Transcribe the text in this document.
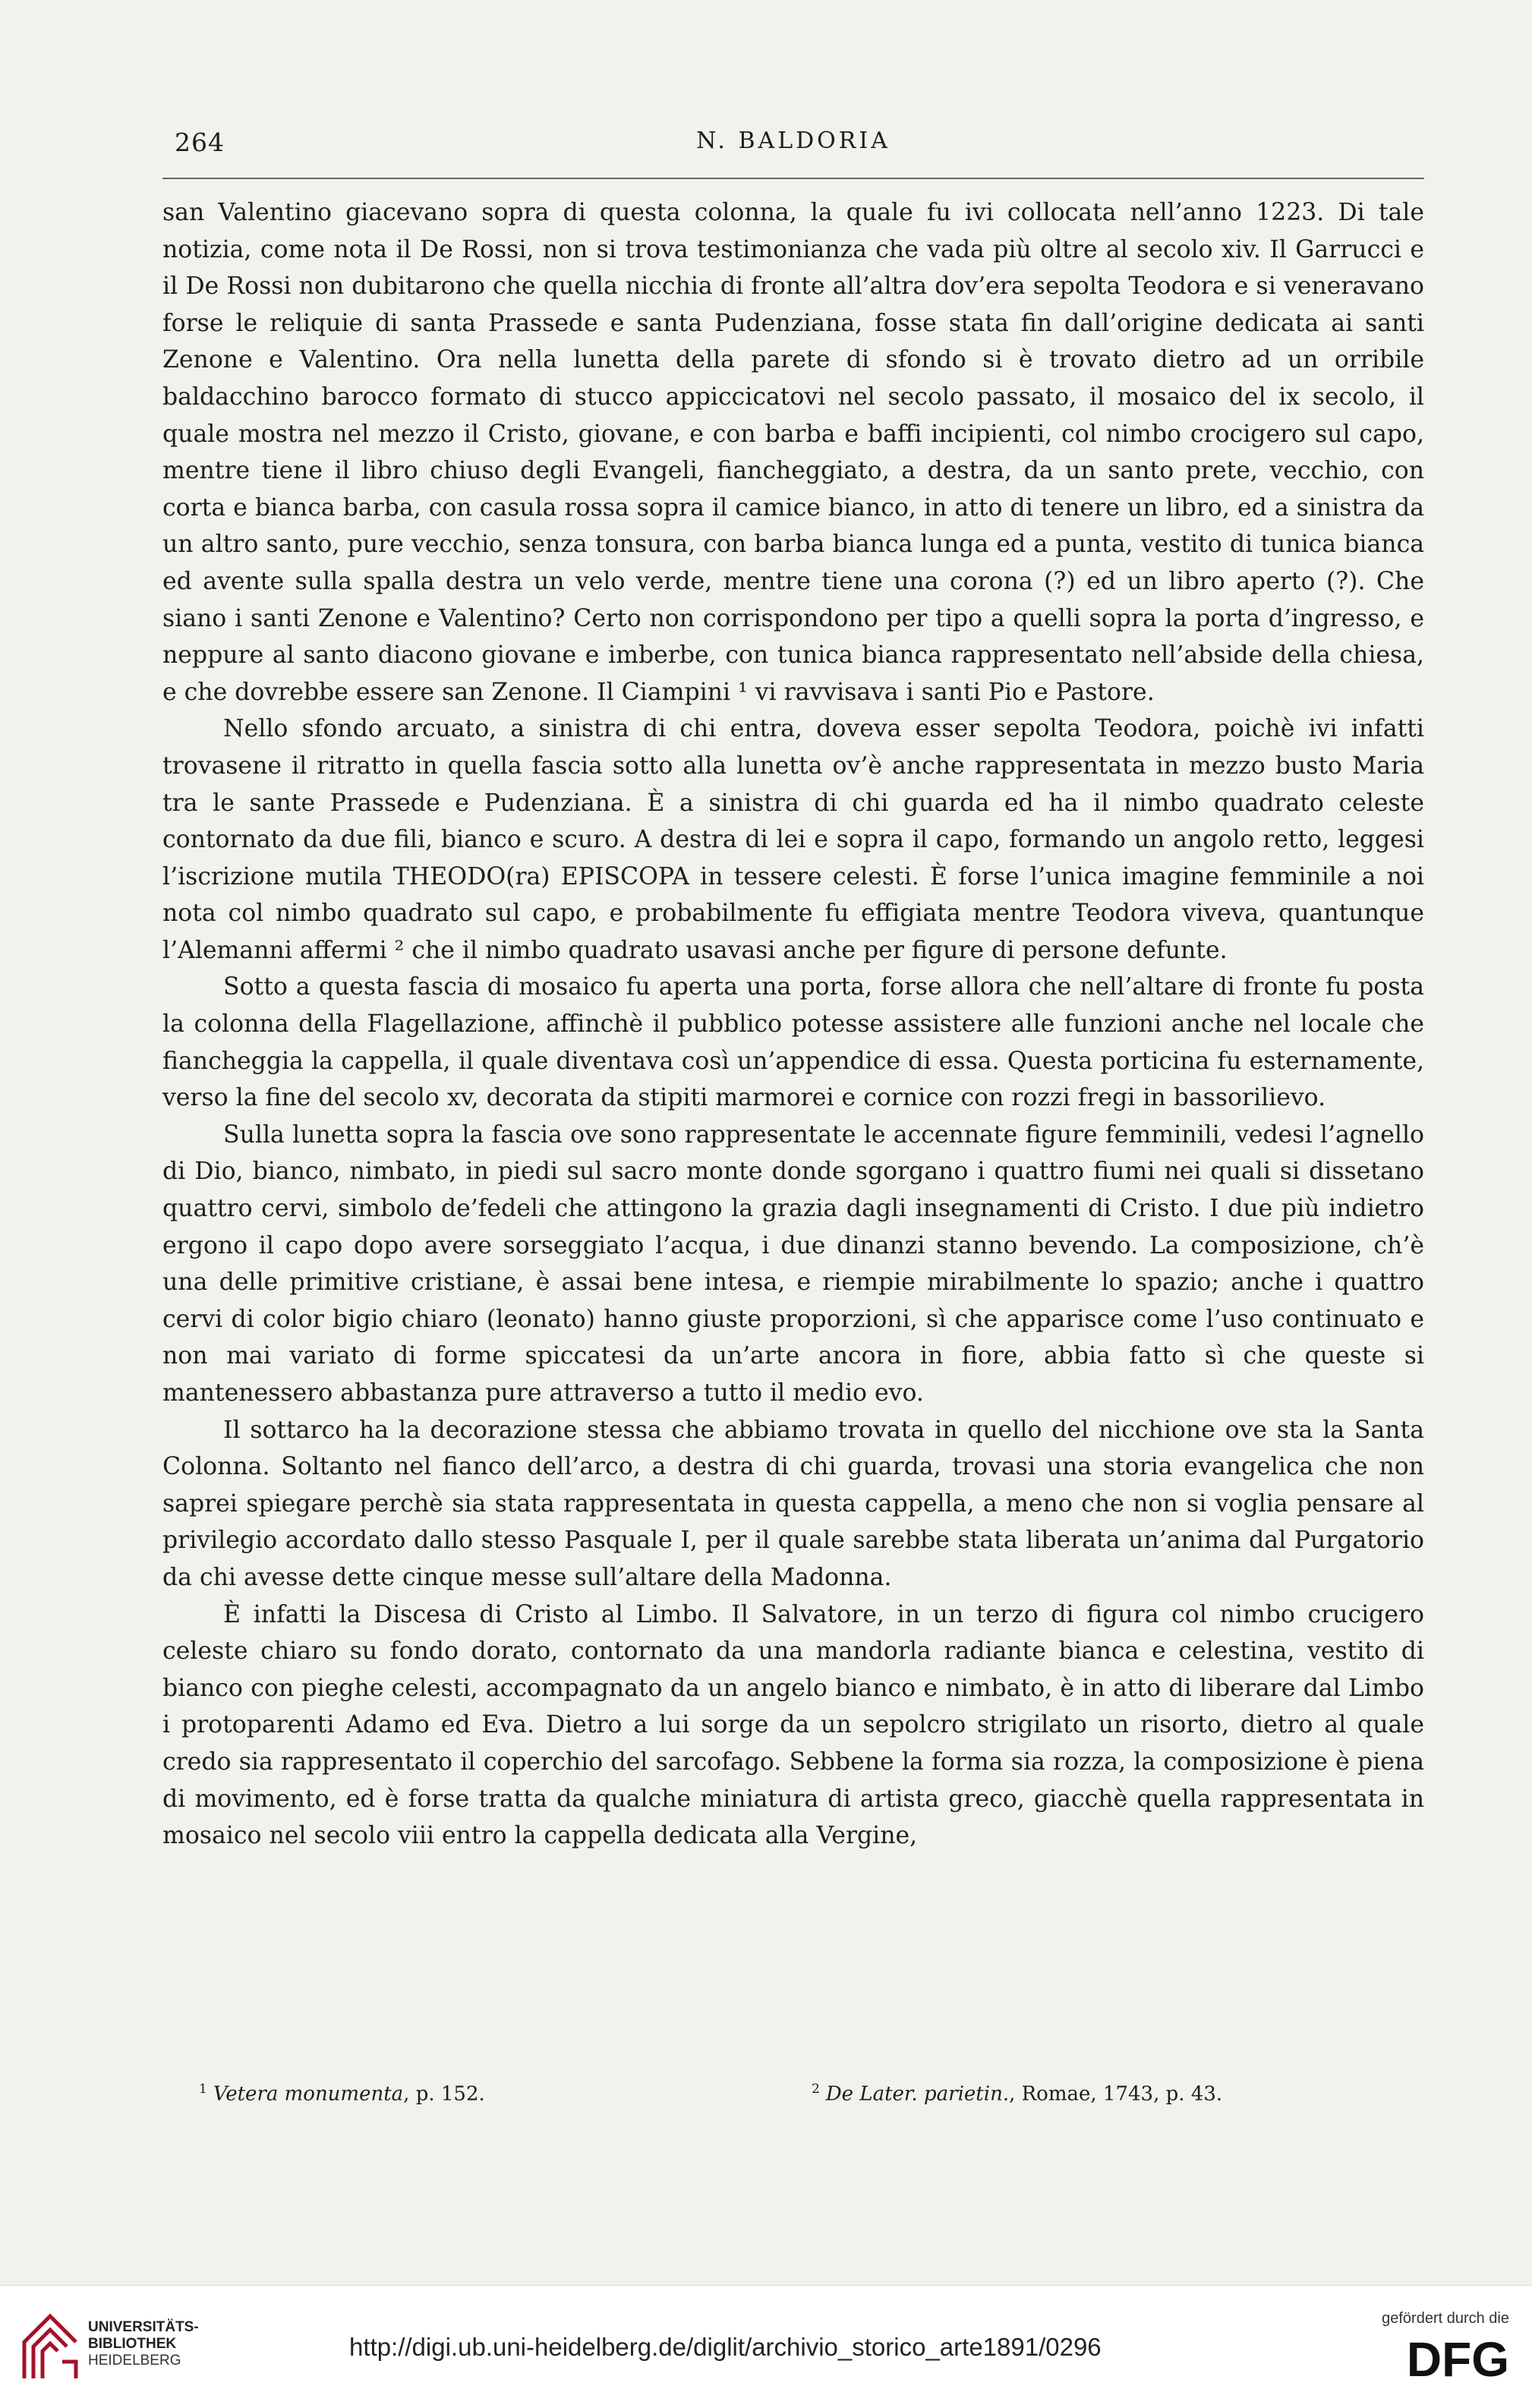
264	N. BALDORIA

san Valentino giacevano sopra di questa colonna, la quale fu ivi collocata nell’anno 1223. Di tale notizia, come nota il De Rossi, non si trova testimonianza che vada più oltre al secolo xiv. Il Garrucci e il De Rossi non dubitarono che quella nicchia di fronte all’altra dov’era sepolta Teodora e si veneravano forse le reliquie di santa Prassede e santa Pudenziana, fosse stata fin dall’origine dedicata ai santi Zenone e Valentino. Ora nella lunetta della parete di sfondo si è trovato dietro ad un orribile baldacchino barocco formato di stucco appiccicatovi nel secolo passato, il mosaico del ix secolo, il quale mostra nel mezzo il Cristo, giovane, e con barba e baffi incipienti, col nimbo crocigero sul capo, mentre tiene il libro chiuso degli Evangeli, fiancheggiato, a destra, da un santo prete, vecchio, con corta e bianca barba, con casula rossa sopra il camice bianco, in atto di tenere un libro, ed a sinistra da un altro santo, pure vecchio, senza tonsura, con barba bianca lunga ed a punta, vestito di tunica bianca ed avente sulla spalla destra un velo verde, mentre tiene una corona (?) ed un libro aperto (?). Che siano i santi Zenone e Valentino? Certo non corrispondono per tipo a quelli sopra la porta d’ingresso, e neppure al santo diacono giovane e imberbe, con tunica bianca rappresentato nell’abside della chiesa, e che dovrebbe essere san Zenone. Il Ciampini ¹ vi ravvisava i santi Pio e Pastore.

Nello sfondo arcuato, a sinistra di chi entra, doveva esser sepolta Teodora, poichè ivi infatti trovasene il ritratto in quella fascia sotto alla lunetta ov’è anche rappresentata in mezzo busto Maria tra le sante Prassede e Pudenziana. È a sinistra di chi guarda ed ha il nimbo quadrato celeste contornato da due fili, bianco e scuro. A destra di lei e sopra il capo, formando un angolo retto, leggesi l’iscrizione mutila THEODO(ra) EPISCOPA in tessere celesti. È forse l’unica imagine femminile a noi nota col nimbo quadrato sul capo, e probabilmente fu effigiata mentre Teodora viveva, quantunque l’Alemanni affermi ² che il nimbo quadrato usavasi anche per figure di persone defunte.

Sotto a questa fascia di mosaico fu aperta una porta, forse allora che nell’altare di fronte fu posta la colonna della Flagellazione, affinchè il pubblico potesse assistere alle funzioni anche nel locale che fiancheggia la cappella, il quale diventava così un’appendice di essa. Questa porticina fu esternamente, verso la fine del secolo xv, decorata da stipiti marmorei e cornice con rozzi fregi in bassorilievo.

Sulla lunetta sopra la fascia ove sono rappresentate le accennate figure femminili, vedesi l’agnello di Dio, bianco, nimbato, in piedi sul sacro monte donde sgorgano i quattro fiumi nei quali si dissetano quattro cervi, simbolo de’fedeli che attingono la grazia dagli insegnamenti di Cristo. I due più indietro ergono il capo dopo avere sorseggiato l’acqua, i due dinanzi stanno bevendo. La composizione, ch’è una delle primitive cristiane, è assai bene intesa, e riempie mirabilmente lo spazio; anche i quattro cervi di color bigio chiaro (leonato) hanno giuste proporzioni, sì che apparisce come l’uso continuato e non mai variato di forme spiccatesi da un’arte ancora in fiore, abbia fatto sì che queste si mantenessero abbastanza pure attraverso a tutto il medio evo.

Il sottarco ha la decorazione stessa che abbiamo trovata in quello del nicchione ove sta la Santa Colonna. Soltanto nel fianco dell’arco, a destra di chi guarda, trovasi una storia evangelica che non saprei spiegare perchè sia stata rappresentata in questa cappella, a meno che non si voglia pensare al privilegio accordato dallo stesso Pasquale I, per il quale sarebbe stata liberata un’anima dal Purgatorio da chi avesse dette cinque messe sull’altare della Madonna.

È infatti la Discesa di Cristo al Limbo. Il Salvatore, in un terzo di figura col nimbo crucigero celeste chiaro su fondo dorato, contornato da una mandorla radiante bianca e celestina, vestito di bianco con pieghe celesti, accompagnato da un angelo bianco e nimbato, è in atto di liberare dal Limbo i protoparenti Adamo ed Eva. Dietro a lui sorge da un sepolcro strigilato un risorto, dietro al quale credo sia rappresentato il coperchio del sarcofago. Sebbene la forma sia rozza, la composizione è piena di movimento, ed è forse tratta da qualche miniatura di artista greco, giacchè quella rappresentata in mosaico nel secolo viii entro la cappella dedicata alla Vergine,

$^1$ Vetera monumenta, p. 152.	$^2$ De Later. parietin., Romae, 1743, p. 43.
UNIVERSITÄTS-
BIBLIOTHEK
HEIDELBERG	http://digi.ub.uni-heidelberg.de/diglit/archivio_storico_arte1891/0296
gefördert durch die
DFG
